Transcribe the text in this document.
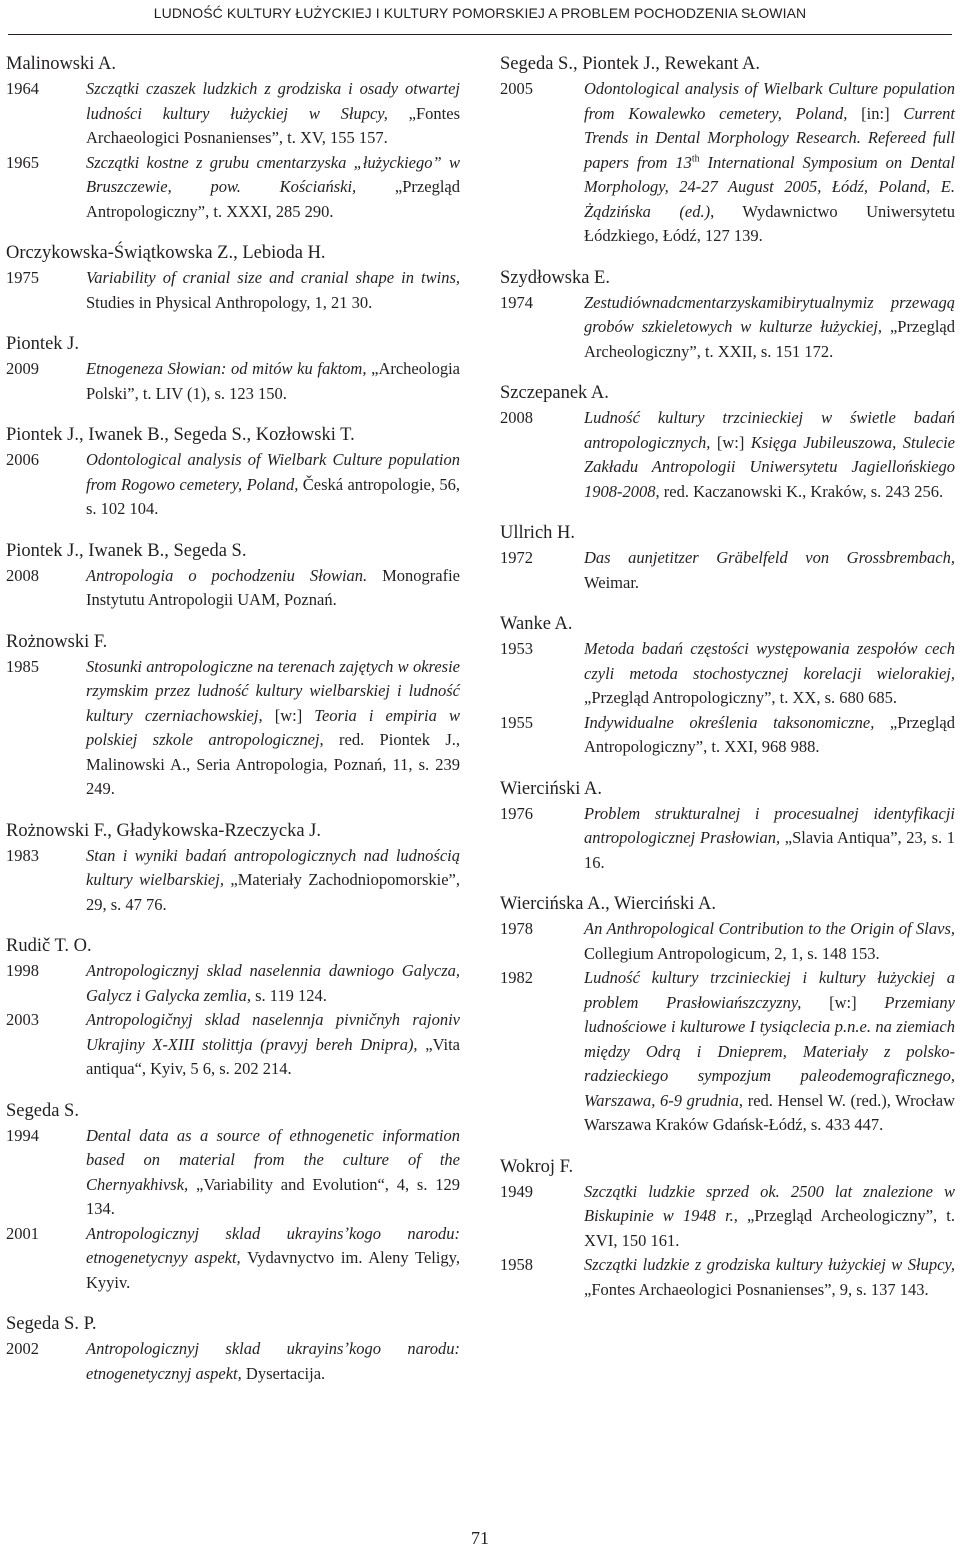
LUDNOŚĆ KULTURY ŁUŻYCKIEJ I KULTURY POMORSKIEJ A PROBLEM POCHODZENIA SŁOWIAN
Malinowski A.
1964	Szczątki czaszek ludzkich z grodziska i osady otwartej ludności kultury łużyckiej w Słupcy, „Fontes Archaeologici Posnanienses”, t. XV, 155 157.
1965	Szczątki kostne z grubu cmentarzyska „łużyckiego” w Bruszczewie, pow. Kościański, „Przegląd Antropologiczny”, t. XXXI, 285 290.
Orczykowska-Świątkowska Z., Lebioda H.
1975	Variability of cranial size and cranial shape in twins, Studies in Physical Anthropology, 1, 21 30.
Piontek J.
2009	Etnogeneza Słowian: od mitów ku faktom, „Archeologia Polski”, t. LIV (1), s. 123 150.
Piontek J., Iwanek B., Segeda S., Kozłowski T.
2006	Odontological analysis of Wielbark Culture population from Rogowo cemetery, Poland, Česká antropologie, 56, s. 102 104.
Piontek J., Iwanek B., Segeda S.
2008	Antropologia o pochodzeniu Słowian. Monografie Instytutu Antropologii UAM, Poznań.
Rożnowski F.
1985	Stosunki antropologiczne na terenach zajętych w okresie rzymskim przez ludność kultury wielbarskiej i ludność kultury czerniachowskiej, [w:] Teoria i empiria w polskiej szkole antropologicznej, red. Piontek J., Malinowski A., Seria Antropologia, Poznań, 11, s. 239 249.
Rożnowski F., Gładykowska-Rzeczycka J.
1983	Stan i wyniki badań antropologicznych nad ludnością kultury wielbarskiej, „Materiały Zachodniopomorskie”, 29, s. 47 76.
Rudič T. O.
1998	Antropologicznyj sklad naselennia dawniogo Galycza, Galycz i Galycka zemlia, s. 119 124.
2003	Antropologičnyj sklad naselennja pivničnyh rajoniv Ukrajiny X-XIII stolittja (pravyj bereh Dnipra), „Vita antiqua“, Kyiv, 5 6, s. 202 214.
Segeda S.
1994	Dental data as a source of ethnogenetic information based on material from the culture of the Chernyakhivsk, „Variability and Evolution“, 4, s. 129 134.
2001	Antropologicznyj sklad ukrayinsʼkogo narodu: etnogenetycnyy aspekt, Vydavnyctvo im. Aleny Teligy, Kyyiv.
Segeda S. P.
2002	Antropologicznyj sklad ukrayinsʼkogo narodu: etnogenetycznyj aspekt, Dysertacija.
Segeda S., Piontek J., Rewekant A.
2005	Odontological analysis of Wielbark Culture population from Kowalewko cemetery, Poland, [in:] Current Trends in Dental Morphology Research. Refereed full papers from 13th International Symposium on Dental Morphology, 24-27 August 2005, Łódź, Poland, E. Żądzińska (ed.), Wydawnictwo Uniwersytetu Łódzkiego, Łódź, 127 139.
Szydłowska E.
1974	Zestudiównadcmentarzyskamibirytualnymiz przewagą grobów szkieletowych w kulturze łużyckiej, „Przegląd Archeologiczny”, t. XXII, s. 151 172.
Szczepanek A.
2008	Ludność kultury trzcinieckiej w świetle badań antropologicznych, [w:] Księga Jubileuszowa, Stulecie Zakładu Antropologii Uniwersytetu Jagiellońskiego 1908-2008, red. Kaczanowski K., Kraków, s. 243 256.
Ullrich H.
1972	Das aunjetitzer Gräbelfeld von Grossbrembach, Weimar.
Wanke A.
1953	Metoda badań częstości występowania zespołów cech czyli metoda stochostycznej korelacji wielorakiej, „Przegląd Antropologiczny”, t. XX, s. 680 685.
1955	Indywidualne określenia taksonomiczne, „Przegląd Antropologiczny”, t. XXI, 968 988.
Wierciński A.
1976	Problem strukturalnej i procesualnej identyfikacji antropologicznej Prasłowian, „Slavia Antiqua”, 23, s. 1 16.
Wiercińska A., Wierciński A.
1978	An Anthropological Contribution to the Origin of Slavs, Collegium Antropologicum, 2, 1, s. 148 153.
1982	Ludność kultury trzcinieckiej i kultury łużyckiej a problem Prasłowiańszczyzny, [w:] Przemiany ludnościowe i kulturowe I tysiąclecia p.n.e. na ziemiach między Odrą i Dnieprem, Materiały z polsko-radzieckiego sympozjum paleodemograficznego, Warszawa, 6-9 grudnia, red. Hensel W. (red.), Wrocław Warszawa Kraków Gdańsk-Łódź, s. 433 447.
Wokroj F.
1949	Szczątki ludzkie sprzed ok. 2500 lat znalezione w Biskupinie w 1948 r., „Przegląd Archeologiczny”, t. XVI, 150 161.
1958	Szczątki ludzkie z grodziska kultury łużyckiej w Słupcy, „Fontes Archaeologici Posnanienses”, 9, s. 137 143.
71
